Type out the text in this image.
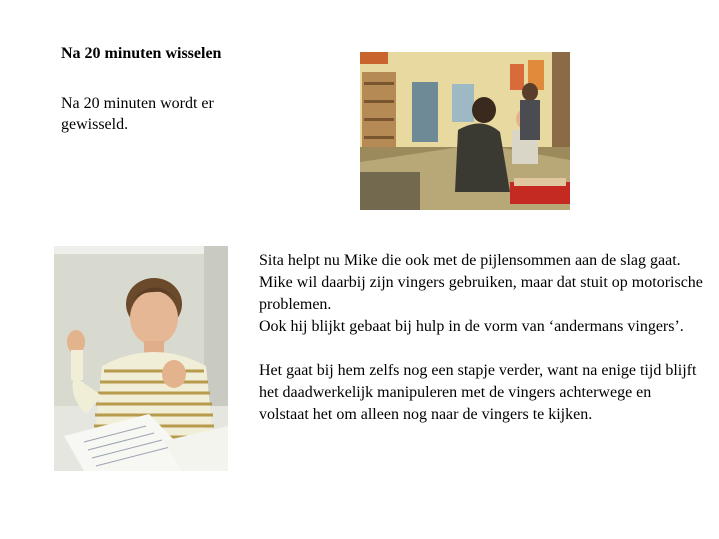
Na 20 minuten wisselen

Na 20 minuten wordt er gewisseld.

Sita helpt nu Mike die ook met de pijlensommen aan de slag gaat. Mike wil daarbij zijn vingers gebruiken, maar dat stuit op motorische problemen.

Ook hij blijkt gebaat bij hulp in de vorm van ‘andermans vingers’.

Het gaat bij hem zelfs nog een stapje verder, want na enige tijd blijft het daadwerkelijk manipuleren met de vingers achterwege en volstaat het om alleen nog naar de vingers te kijken.
